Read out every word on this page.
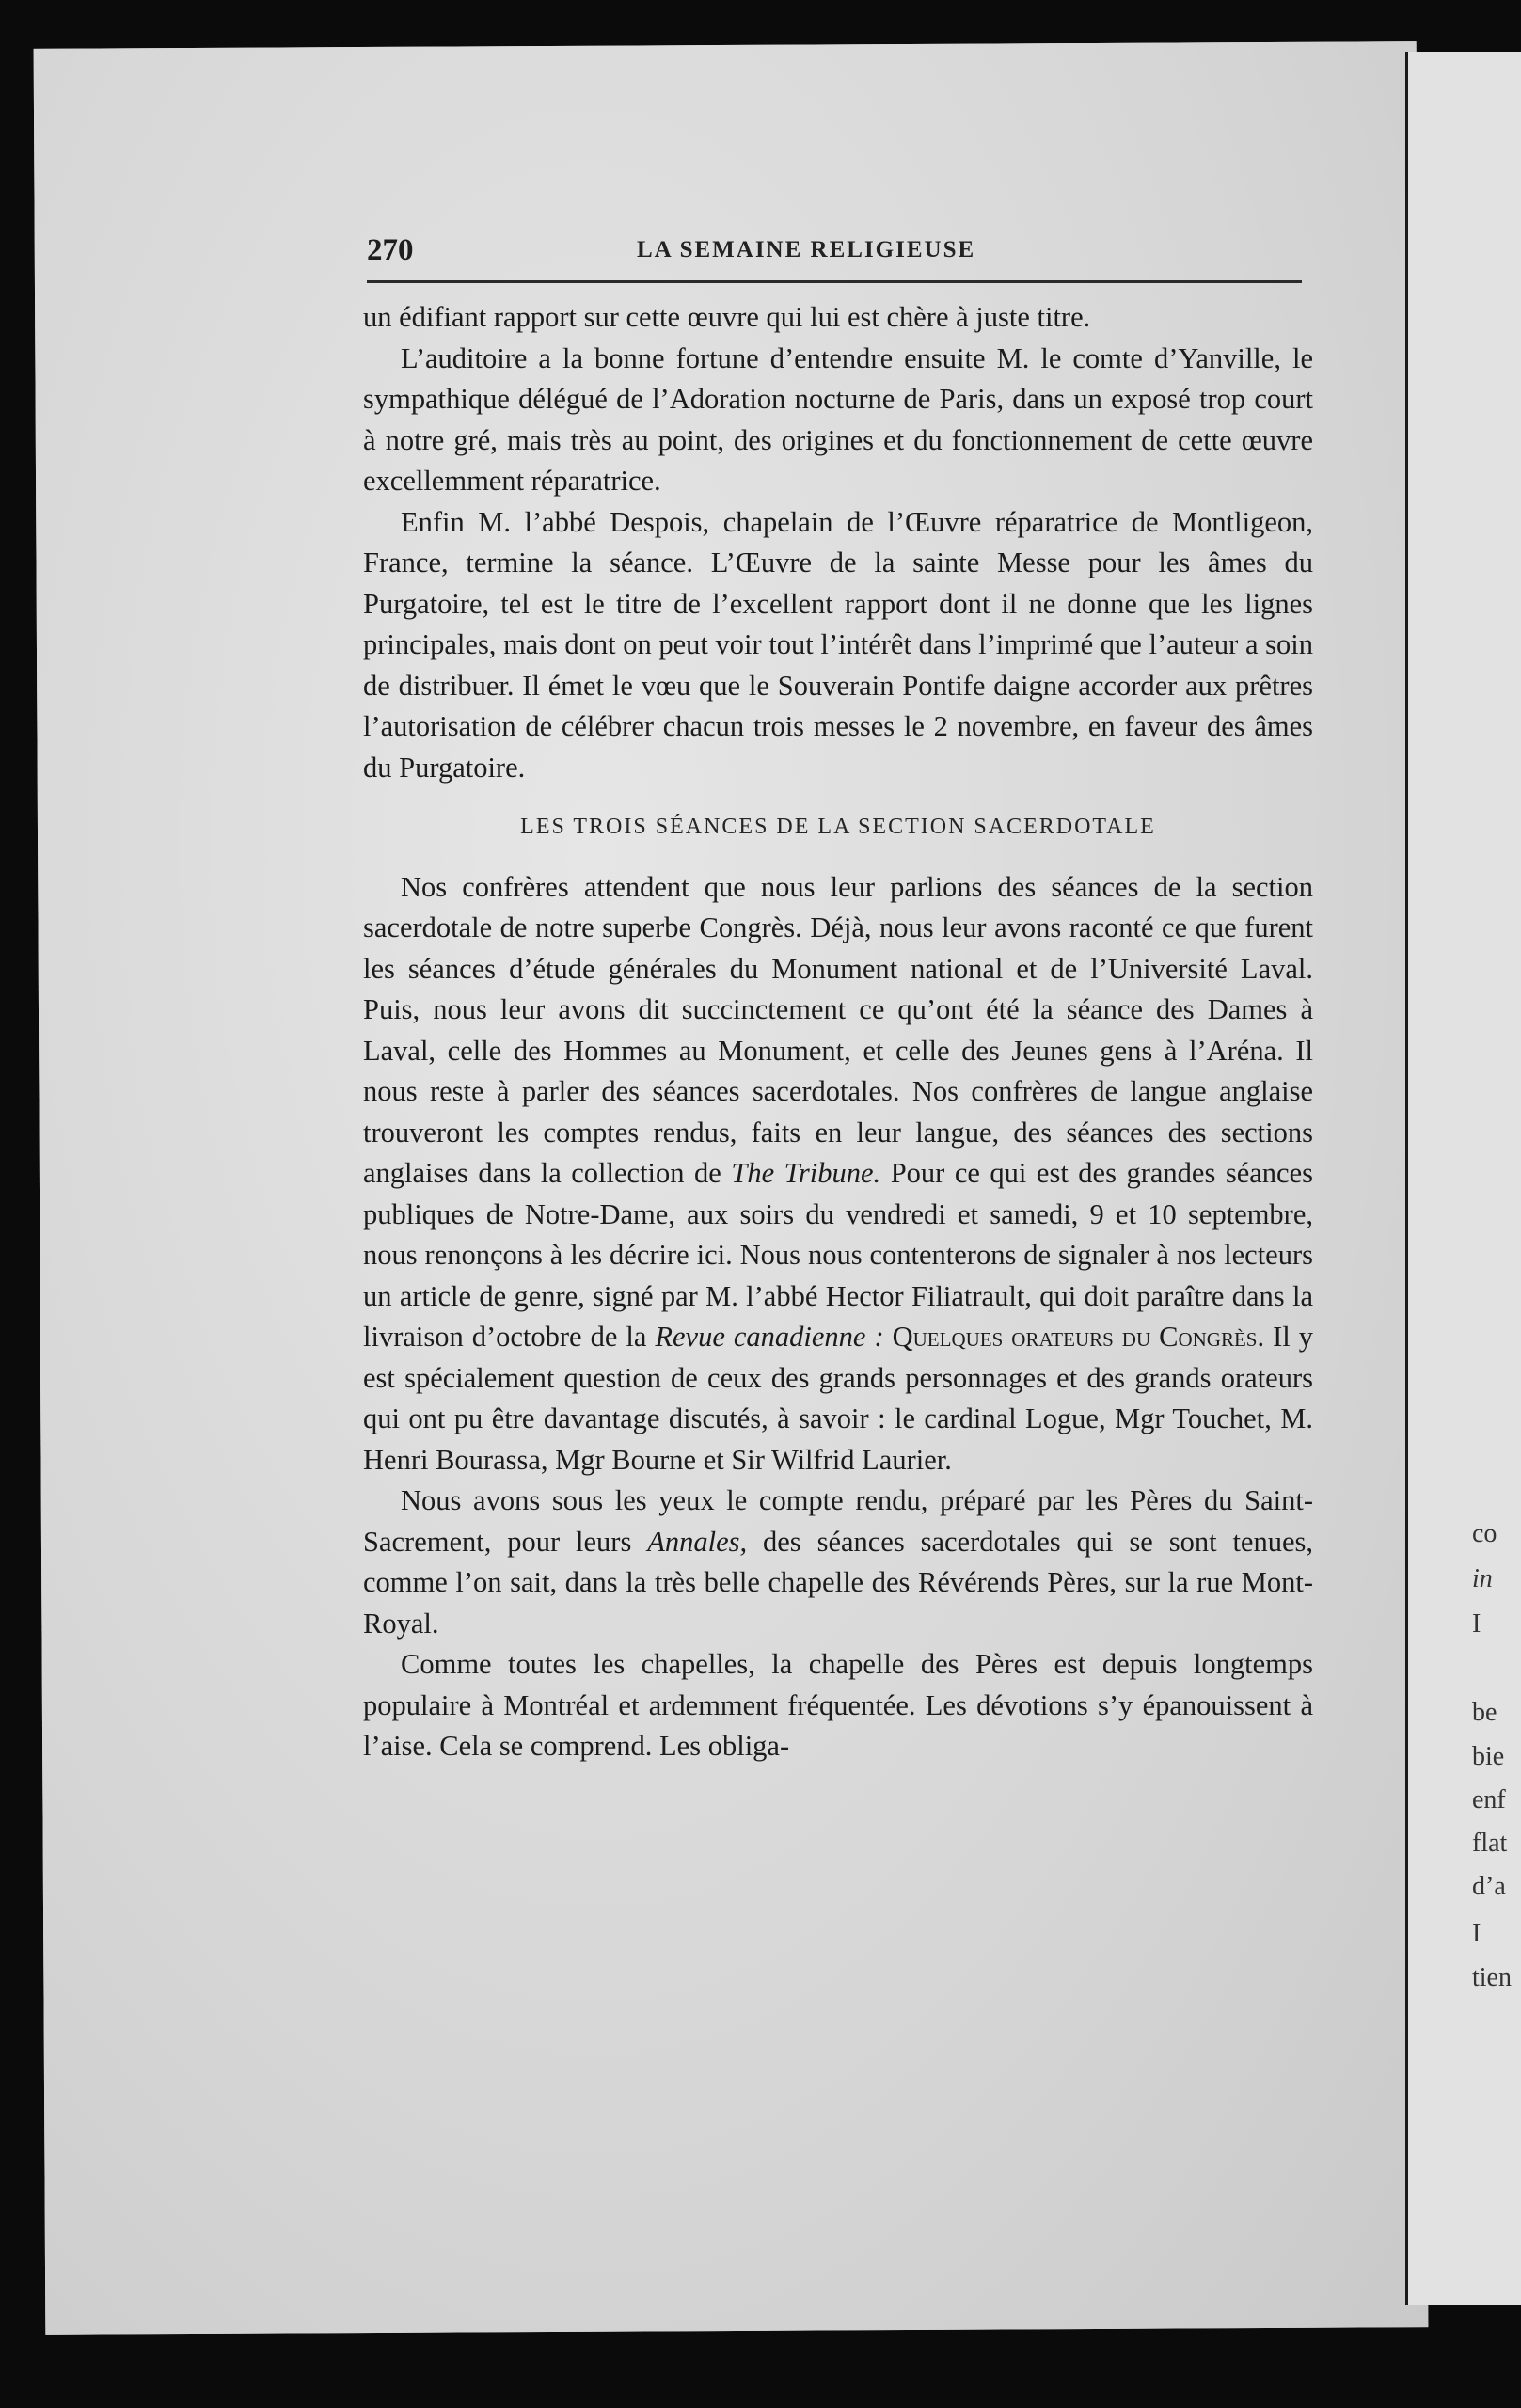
co
in
I
be
bie
enf
flat
d’a
I
tien
270	LA SEMAINE RELIGIEUSE

un édifiant rapport sur cette œuvre qui lui est chère à juste titre.

L’auditoire a la bonne fortune d’entendre ensuite M. le comte d’Yanville, le sympathique délégué de l’Adoration nocturne de Paris, dans un exposé trop court à notre gré, mais très au point, des origines et du fonctionnement de cette œuvre excellemment réparatrice.

Enfin M. l’abbé Despois, chapelain de l’Œuvre réparatrice de Montligeon, France, termine la séance. L’Œuvre de la sainte Messe pour les âmes du Purgatoire, tel est le titre de l’excellent rapport dont il ne donne que les lignes principales, mais dont on peut voir tout l’intérêt dans l’imprimé que l’auteur a soin de distribuer. Il émet le vœu que le Souverain Pontife daigne accorder aux prêtres l’autorisation de célébrer chacun trois messes le 2 novembre, en faveur des âmes du Purgatoire.

LES TROIS SÉANCES DE LA SECTION SACERDOTALE

Nos confrères attendent que nous leur parlions des séances de la section sacerdotale de notre superbe Congrès. Déjà, nous leur avons raconté ce que furent les séances d’étude générales du Monument national et de l’Université Laval. Puis, nous leur avons dit succinctement ce qu’ont été la séance des Dames à Laval, celle des Hommes au Monument, et celle des Jeunes gens à l’Aréna. Il nous reste à parler des séances sacerdotales. Nos confrères de langue anglaise trouveront les comptes rendus, faits en leur langue, des séances des sections anglaises dans la collection de The Tribune. Pour ce qui est des grandes séances publiques de Notre-Dame, aux soirs du vendredi et samedi, 9 et 10 septembre, nous renonçons à les décrire ici. Nous nous contenterons de signaler à nos lecteurs un article de genre, signé par M. l’abbé Hector Filiatrault, qui doit paraître dans la livraison d’octobre de la Revue canadienne : Quelques orateurs du Congrès. Il y est spécialement question de ceux des grands personnages et des grands orateurs qui ont pu être davantage discutés, à savoir : le cardinal Logue, Mgr Touchet, M. Henri Bourassa, Mgr Bourne et Sir Wilfrid Laurier.

Nous avons sous les yeux le compte rendu, préparé par les Pères du Saint-Sacrement, pour leurs Annales, des séances sacerdotales qui se sont tenues, comme l’on sait, dans la très belle chapelle des Révérends Pères, sur la rue Mont-Royal.

Comme toutes les chapelles, la chapelle des Pères est depuis longtemps populaire à Montréal et ardemment fréquentée. Les dévotions s’y épanouissent à l’aise. Cela se comprend. Les obliga-
